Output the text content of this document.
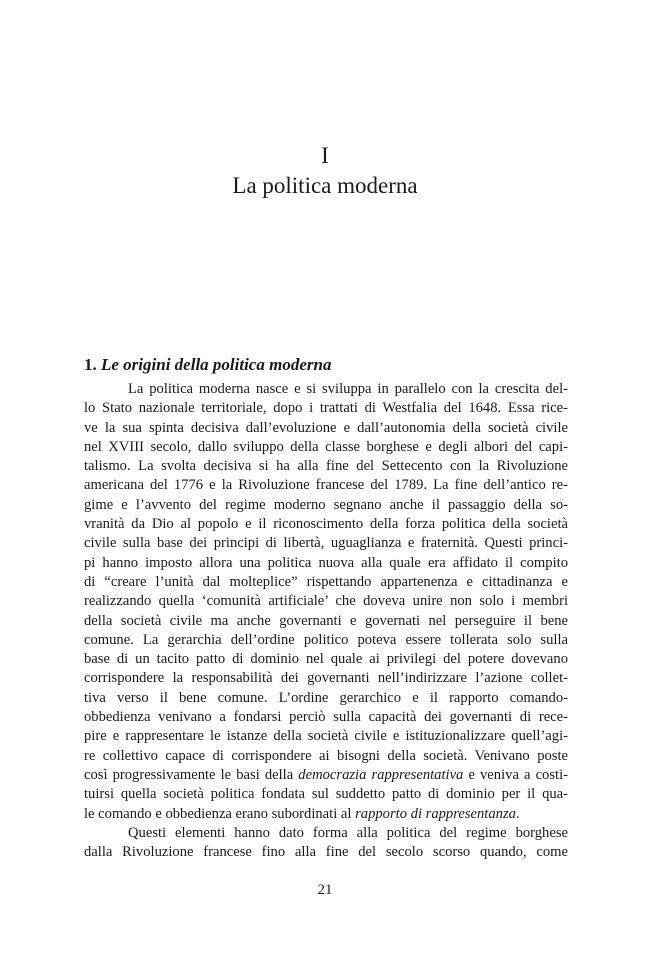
I
La politica moderna
1. Le origini della politica moderna
La politica moderna nasce e si sviluppa in parallelo con la crescita del-
lo Stato nazionale territoriale, dopo i trattati di Westfalia del 1648. Essa rice-
ve la sua spinta decisiva dall’evoluzione e dall’autonomia della società civile
nel XVIII secolo, dallo sviluppo della classe borghese e degli albori del capi-
talismo. La svolta decisiva si ha alla fine del Settecento con la Rivoluzione
americana del 1776 e la Rivoluzione francese del 1789. La fine dell’antico re-
gime e l’avvento del regime moderno segnano anche il passaggio della so-
vranità da Dio al popolo e il riconoscimento della forza politica della società
civile sulla base dei principi di libertà, uguaglianza e fraternità. Questi princi-
pi hanno imposto allora una politica nuova alla quale era affidato il compito
di “creare l’unità dal molteplice” rispettando appartenenza e cittadinanza e
realizzando quella ‘comunità artificiale’ che doveva unire non solo i membri
della società civile ma anche governanti e governati nel perseguire il bene
comune. La gerarchia dell’ordine politico poteva essere tollerata solo sulla
base di un tacito patto di dominio nel quale ai privilegi del potere dovevano
corrispondere la responsabilità dei governanti nell’indirizzare l’azione collet-
tiva verso il bene comune. L’ordine gerarchico e il rapporto comando-
obbedienza venivano a fondarsi perciò sulla capacità dei governanti di rece-
pire e rappresentare le istanze della società civile e istituzionalizzare quell’agi-
re collettivo capace di corrispondere ai bisogni della società. Venivano poste
così progressivamente le basi della democrazia rappresentativa e veniva a costi-
tuirsi quella società politica fondata sul suddetto patto di dominio per il qua-
le comando e obbedienza erano subordinati al rapporto di rappresentanza.
Questi elementi hanno dato forma alla politica del regime borghese
dalla Rivoluzione francese fino alla fine del secolo scorso quando, come
21
